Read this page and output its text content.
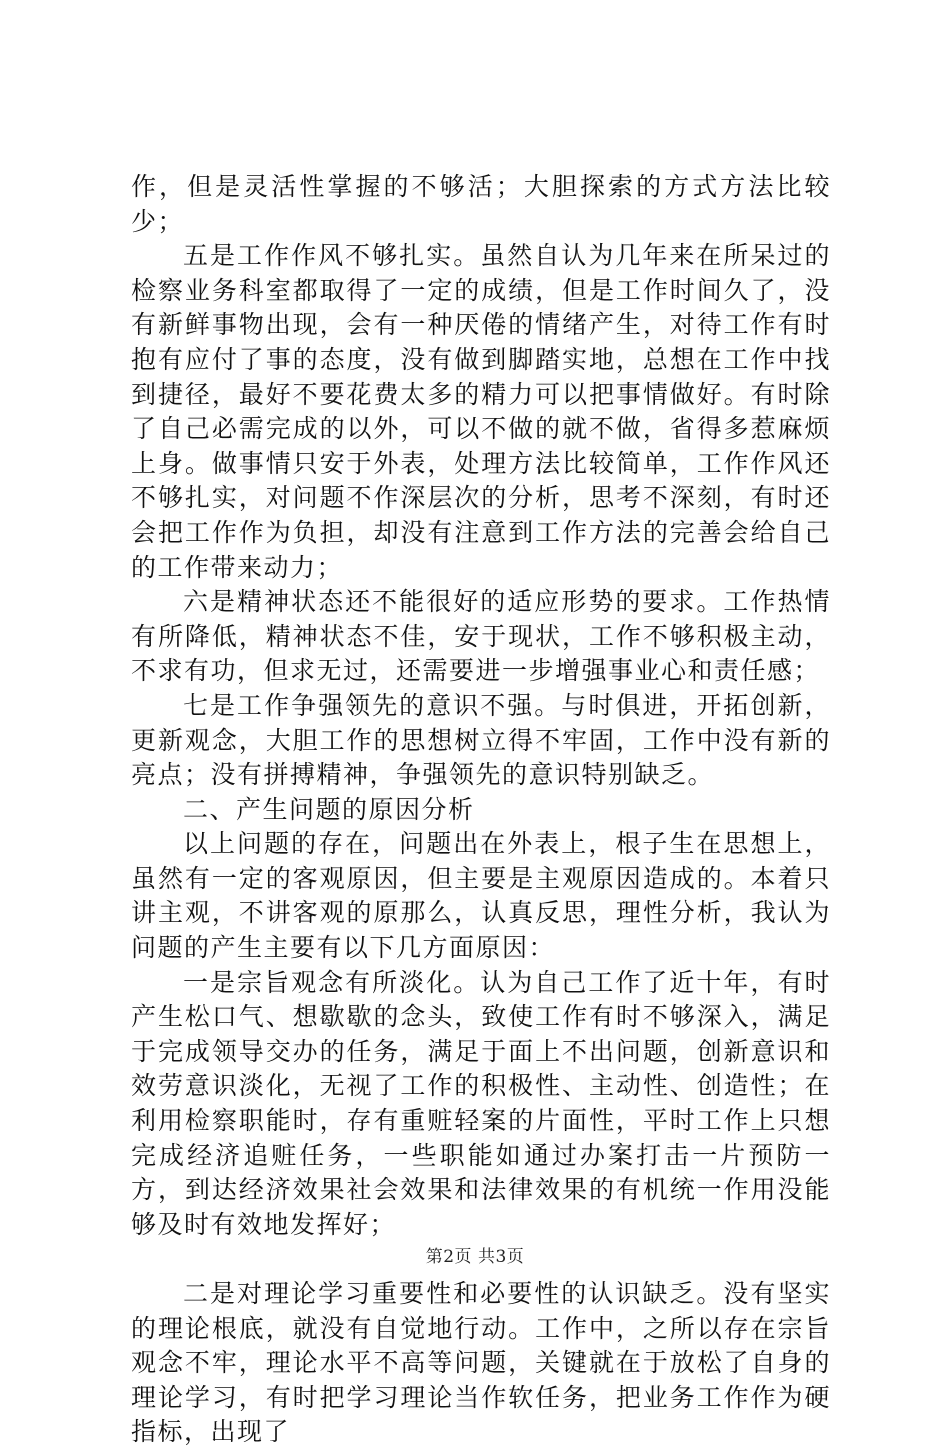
作，但是灵活性掌握的不够活；大胆探索的方式方法比较少；

五是工作作风不够扎实。虽然自认为几年来在所呆过的检察业务科室都取得了一定的成绩，但是工作时间久了，没有新鲜事物出现，会有一种厌倦的情绪产生，对待工作有时抱有应付了事的态度，没有做到脚踏实地，总想在工作中找到捷径，最好不要花费太多的精力可以把事情做好。有时除了自己必需完成的以外，可以不做的就不做，省得多惹麻烦上身。做事情只安于外表，处理方法比较简单，工作作风还不够扎实，对问题不作深层次的分析，思考不深刻，有时还会把工作作为负担，却没有注意到工作方法的完善会给自己的工作带来动力；

六是精神状态还不能很好的适应形势的要求。工作热情有所降低，精神状态不佳，安于现状，工作不够积极主动，不求有功，但求无过，还需要进一步增强事业心和责任感；

七是工作争强领先的意识不强。与时俱进，开拓创新，更新观念，大胆工作的思想树立得不牢固，工作中没有新的亮点；没有拼搏精神，争强领先的意识特别缺乏。

二、产生问题的原因分析

以上问题的存在，问题出在外表上，根子生在思想上，虽然有一定的客观原因，但主要是主观原因造成的。本着只讲主观，不讲客观的原那么，认真反思，理性分析，我认为问题的产生主要有以下几方面原因：

一是宗旨观念有所淡化。认为自己工作了近十年，有时产生松口气、想歇歇的念头，致使工作有时不够深入，满足于完成领导交办的任务，满足于面上不出问题，创新意识和效劳意识淡化，无视了工作的积极性、主动性、创造性；在利用检察职能时，存有重赃轻案的片面性，平时工作上只想完成经济追赃任务，一些职能如通过办案打击一片预防一方，到达经济效果社会效果和法律效果的有机统一作用没能够及时有效地发挥好；

二是对理论学习重要性和必要性的认识缺乏。没有坚实的理论根底，就没有自觉地行动。工作中，之所以存在宗旨观念不牢，理论水平不高等问题，关键就在于放松了自身的理论学习，有时把学习理论当作软任务，把业务工作作为硬指标，出现了

第2页 共3页
